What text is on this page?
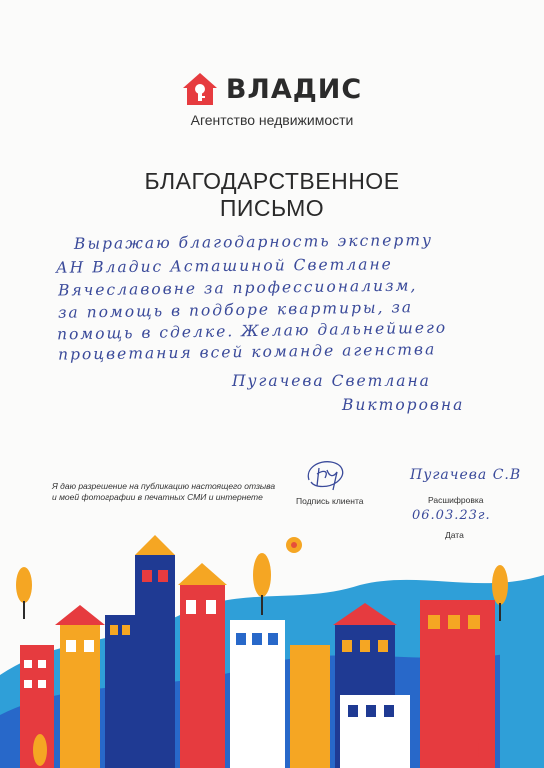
ВЛАДИС
Агентство недвижимости
БЛАГОДАРСТВЕННОЕ
ПИСЬМО
Выражаю благодарность эксперту
АН Владис Асташиной Светлане
Вячеславовне за профессионализм,
за помощь в подборе квартиры, за
помощь в сделке. Желаю дальнейшего
процветания всей команде агенства
Пугачева Светлана
Викторовна
Я даю разрешение на публикацию настоящего отзыва
и моей фотографии в печатных СМИ и интернете	Подпись клиента
Пугачева С.В
Расшифровка
06.03.23г.
Дата
